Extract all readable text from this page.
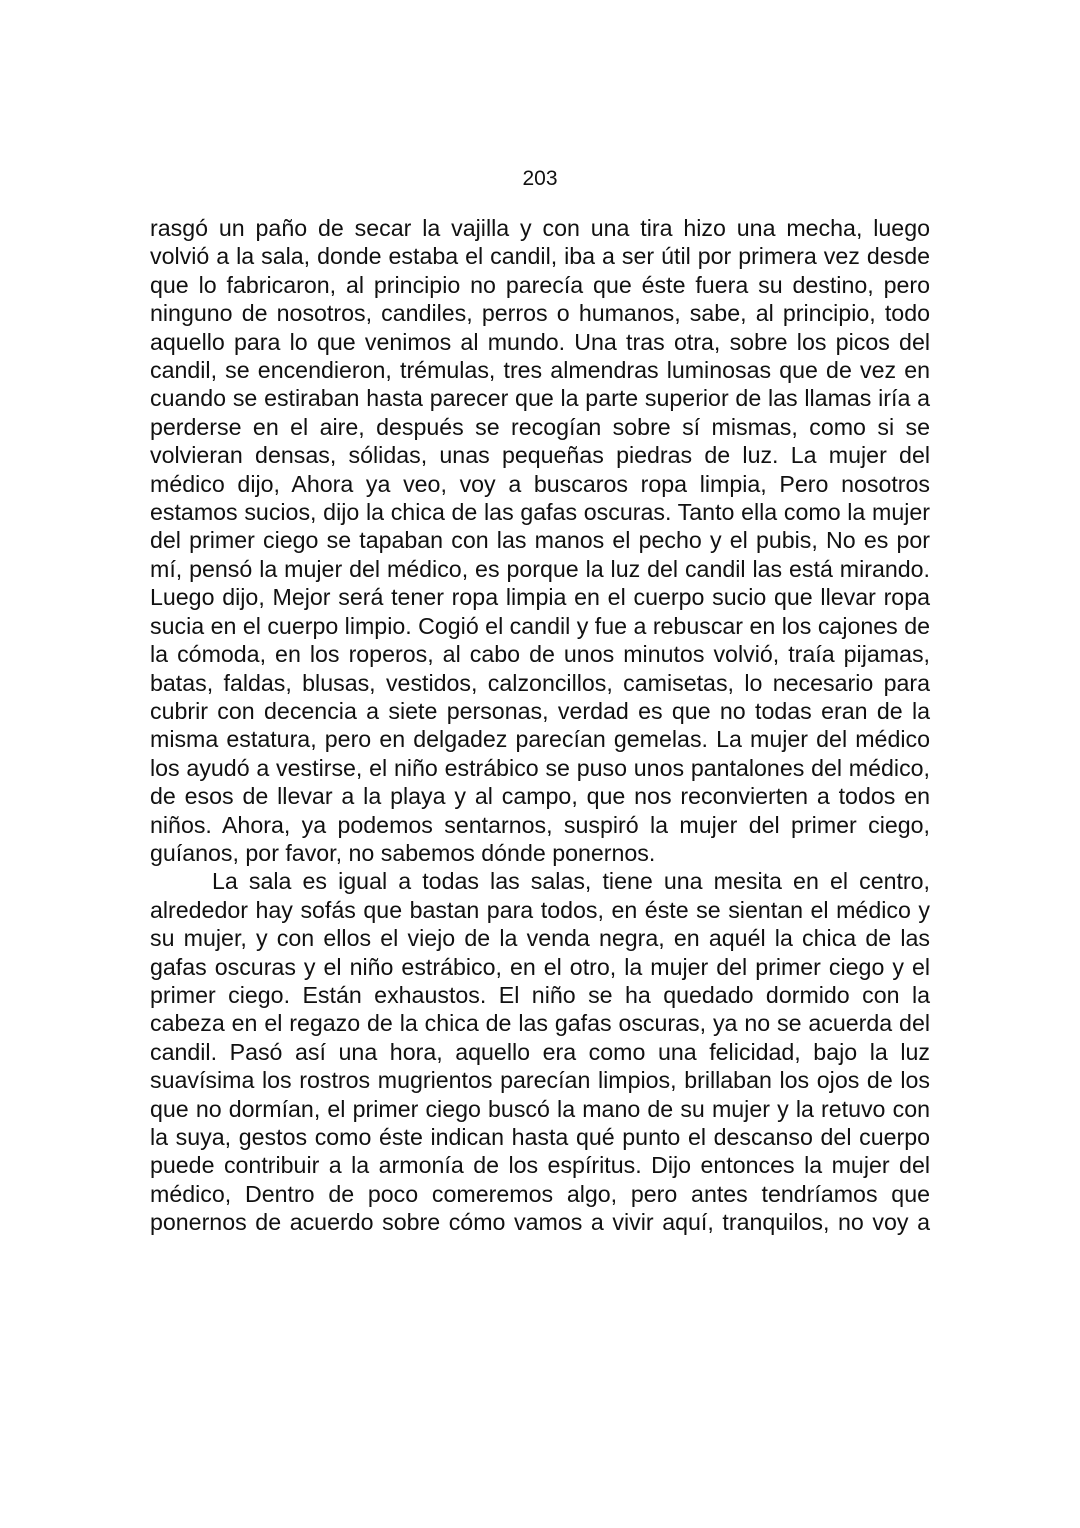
203

rasgó un paño de secar la vajilla y con una tira hizo una mecha, luego volvió a la sala, donde estaba el candil, iba a ser útil por primera vez desde que lo fabricaron, al principio no parecía que éste fuera su destino, pero ninguno de nosotros, candiles, perros o humanos, sabe, al principio, todo aquello para lo que venimos al mundo. Una tras otra, sobre los picos del candil, se encendieron, trémulas, tres almendras luminosas que de vez en cuando se estiraban hasta parecer que la parte superior de las llamas iría a perderse en el aire, después se recogían sobre sí mismas, como si se volvieran densas, sólidas, unas pequeñas piedras de luz. La mujer del médico dijo, Ahora ya veo, voy a buscaros ropa limpia, Pero nosotros estamos sucios, dijo la chica de las gafas oscuras. Tanto ella como la mujer del primer ciego se tapaban con las manos el pecho y el pubis, No es por mí, pensó la mujer del médico, es porque la luz del candil las está mirando. Luego dijo, Mejor será tener ropa limpia en el cuerpo sucio que llevar ropa sucia en el cuerpo limpio. Cogió el candil y fue a rebuscar en los cajones de la cómoda, en los roperos, al cabo de unos minutos volvió, traía pijamas, batas, faldas, blusas, vestidos, calzoncillos, camisetas, lo necesario para cubrir con decencia a siete personas, verdad es que no todas eran de la misma estatura, pero en delgadez parecían gemelas. La mujer del médico los ayudó a vestirse, el niño estrábico se puso unos pantalones del médico, de esos de llevar a la playa y al campo, que nos reconvierten a todos en niños. Ahora, ya podemos sentarnos, suspiró la mujer del primer ciego, guíanos, por favor, no sabemos dónde ponernos.

La sala es igual a todas las salas, tiene una mesita en el centro, alrededor hay sofás que bastan para todos, en éste se sientan el médico y su mujer, y con ellos el viejo de la venda negra, en aquél la chica de las gafas oscuras y el niño estrábico, en el otro, la mujer del primer ciego y el primer ciego. Están exhaustos. El niño se ha quedado dormido con la cabeza en el regazo de la chica de las gafas oscuras, ya no se acuerda del candil. Pasó así una hora, aquello era como una felicidad, bajo la luz suavísima los rostros mugrientos parecían limpios, brillaban los ojos de los que no dormían, el primer ciego buscó la mano de su mujer y la retuvo con la suya, gestos como éste indican hasta qué punto el descanso del cuerpo puede contribuir a la armonía de los espíritus. Dijo entonces la mujer del médico, Dentro de poco comeremos algo, pero antes tendríamos que ponernos de acuerdo sobre cómo vamos a vivir aquí, tranquilos, no voy a
